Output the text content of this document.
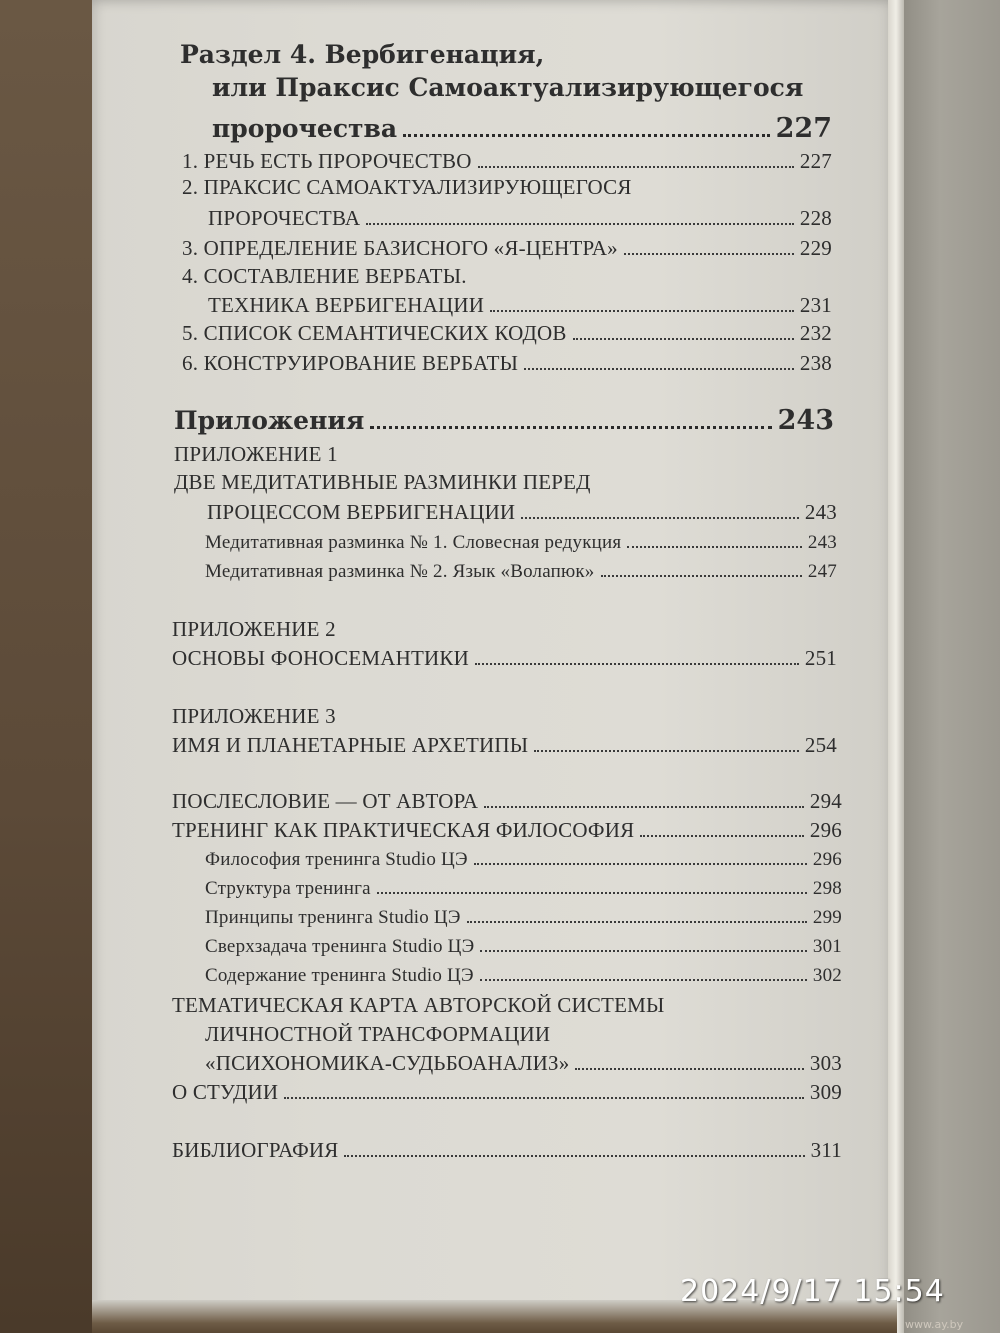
Раздел 4. Вербигенация,
или Праксис Самоактуализирующегося
пророчества	227
1. РЕЧЬ ЕСТЬ ПРОРОЧЕСТВО	227
2. ПРАКСИС САМОАКТУАЛИЗИРУЮЩЕГОСЯ
ПРОРОЧЕСТВА	228
3. ОПРЕДЕЛЕНИЕ БАЗИСНОГО «Я-ЦЕНТРА»	229
4. СОСТАВЛЕНИЕ ВЕРБАТЫ.
ТЕХНИКА ВЕРБИГЕНАЦИИ	231
5. СПИСОК СЕМАНТИЧЕСКИХ КОДОВ	232
6. КОНСТРУИРОВАНИЕ ВЕРБАТЫ	238
Приложения	243
ПРИЛОЖЕНИЕ 1
ДВЕ МЕДИТАТИВНЫЕ РАЗМИНКИ ПЕРЕД
ПРОЦЕССОМ ВЕРБИГЕНАЦИИ	243
Медитативная разминка № 1. Словесная редукция	243
Медитативная разминка № 2. Язык «Волапюк»	247
ПРИЛОЖЕНИЕ 2
ОСНОВЫ ФОНОСЕМАНТИКИ	251
ПРИЛОЖЕНИЕ 3
ИМЯ И ПЛАНЕТАРНЫЕ АРХЕТИПЫ	254
ПОСЛЕСЛОВИЕ — ОТ АВТОРА	294
ТРЕНИНГ КАК ПРАКТИЧЕСКАЯ ФИЛОСОФИЯ	296
Философия тренинга Studio ЦЭ	296
Структура тренинга	298
Принципы тренинга Studio ЦЭ	299
Сверхзадача тренинга Studio ЦЭ	301
Содержание тренинга Studio ЦЭ	302
ТЕМАТИЧЕСКАЯ КАРТА АВТОРСКОЙ СИСТЕМЫ
ЛИЧНОСТНОЙ ТРАНСФОРМАЦИИ
«ПСИХОНОМИКА-СУДЬБОАНАЛИЗ»	303
О СТУДИИ	309
БИБЛИОГРАФИЯ	311
2024/9/17 15:54
www.ay.by
